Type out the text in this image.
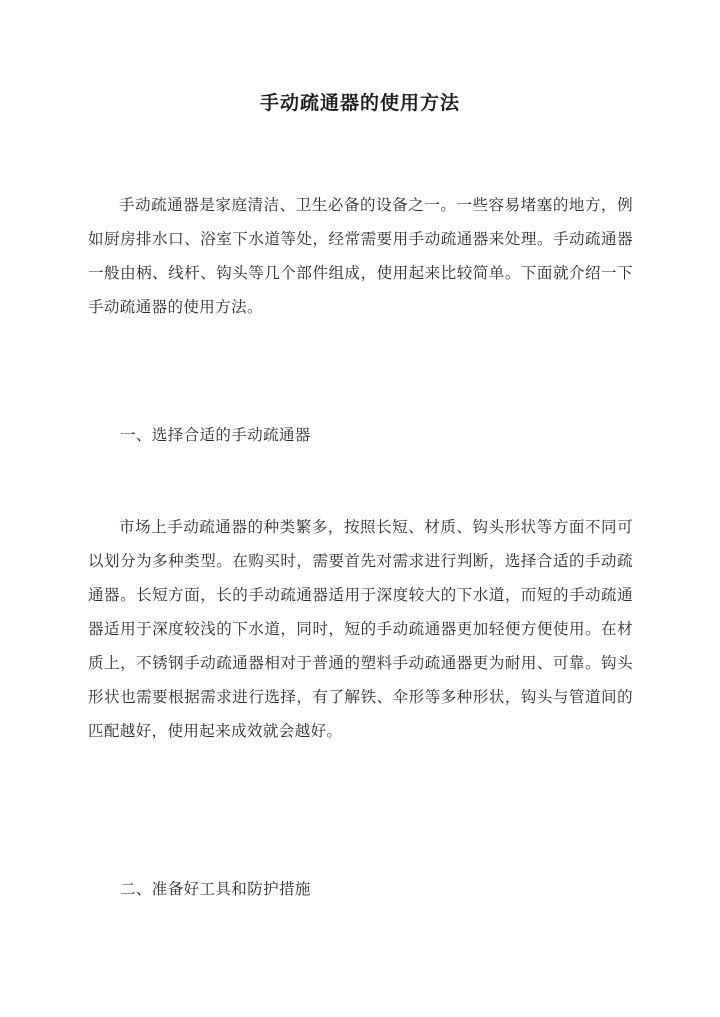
手动疏通器的使用方法

手动疏通器是家庭清洁、卫生必备的设备之一。一些容易堵塞的地方，例如厨房排水口、浴室下水道等处，经常需要用手动疏通器来处理。手动疏通器一般由柄、线杆、钩头等几个部件组成，使用起来比较简单。下面就介绍一下手动疏通器的使用方法。

一、选择合适的手动疏通器

市场上手动疏通器的种类繁多，按照长短、材质、钩头形状等方面不同可以划分为多种类型。在购买时，需要首先对需求进行判断，选择合适的手动疏通器。长短方面，长的手动疏通器适用于深度较大的下水道，而短的手动疏通器适用于深度较浅的下水道，同时，短的手动疏通器更加轻便方便使用。在材质上，不锈钢手动疏通器相对于普通的塑料手动疏通器更为耐用、可靠。钩头形状也需要根据需求进行选择，有了解铁、伞形等多种形状，钩头与管道间的匹配越好，使用起来成效就会越好。

二、准备好工具和防护措施
